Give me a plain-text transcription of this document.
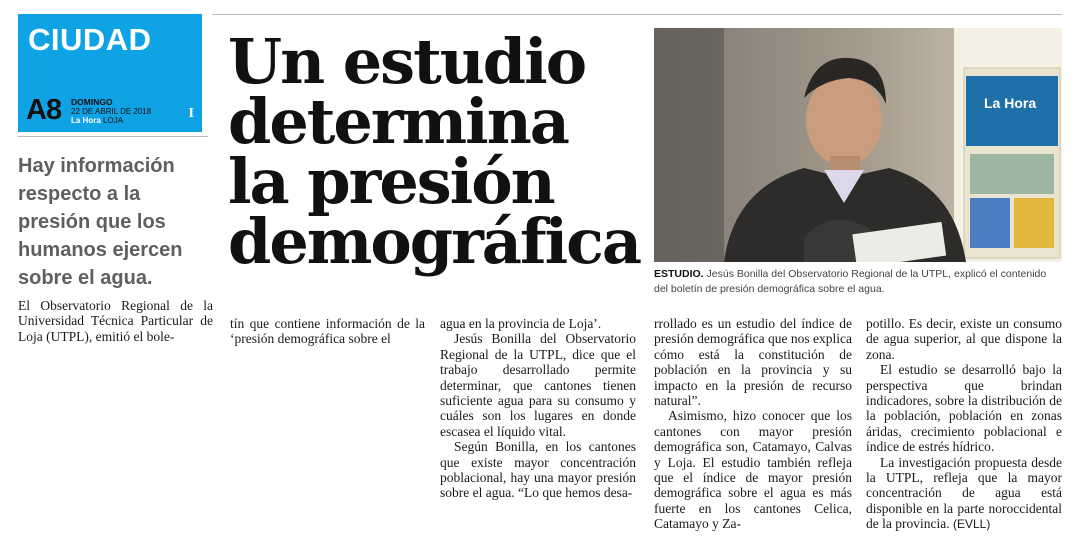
CIUDAD
A8 DOMINGO
22 DE ABRIL DE 2018
La Hora LOJA	I
Un estudio
determina
la presión
demográfica
Hay información
respecto a la
presión que los
humanos ejercen
sobre el agua.

El Observatorio Regional de la Universidad Técnica Particular de Loja (UTPL), emitió el bole-

tín que contiene información de la ‘presión demográfica sobre el

agua en la provincia de Loja’.

Jesús Bonilla del Observatorio Regional de la UTPL, dice que el trabajo desarrollado permite determinar, que cantones tienen suficiente agua para su consumo y cuáles son los lugares en donde escasea el líquido vital.

Según Bonilla, en los cantones que existe mayor concentración poblacional, hay una mayor presión sobre el agua. “Lo que hemos desa-

rrollado es un estudio del índice de presión demográfica que nos explica cómo está la constitución de población en la provincia y su impacto en la presión de recurso natural”.

Asimismo, hizo conocer que los cantones con mayor presión demográfica son, Catamayo, Calvas y Loja. El estudio también refleja que el índice de mayor presión demográfica sobre el agua es más fuerte en los cantones Celica, Catamayo y Za-

potillo. Es decir, existe un consumo de agua superior, al que dispone la zona.

El estudio se desarrolló bajo la perspectiva que brindan indicadores, sobre la distribución de la población, población en zonas áridas, crecimiento poblacional e índice de estrés hídrico.

La investigación propuesta desde la UTPL, refleja que la mayor concentración de agua está disponible en la parte noroccidental de la provincia. (EVLL)

La Hora
ESTUDIO. Jesús Bonilla del Observatorio Regional de la UTPL, explicó el contenido del boletín de presión demográfica sobre el agua.
